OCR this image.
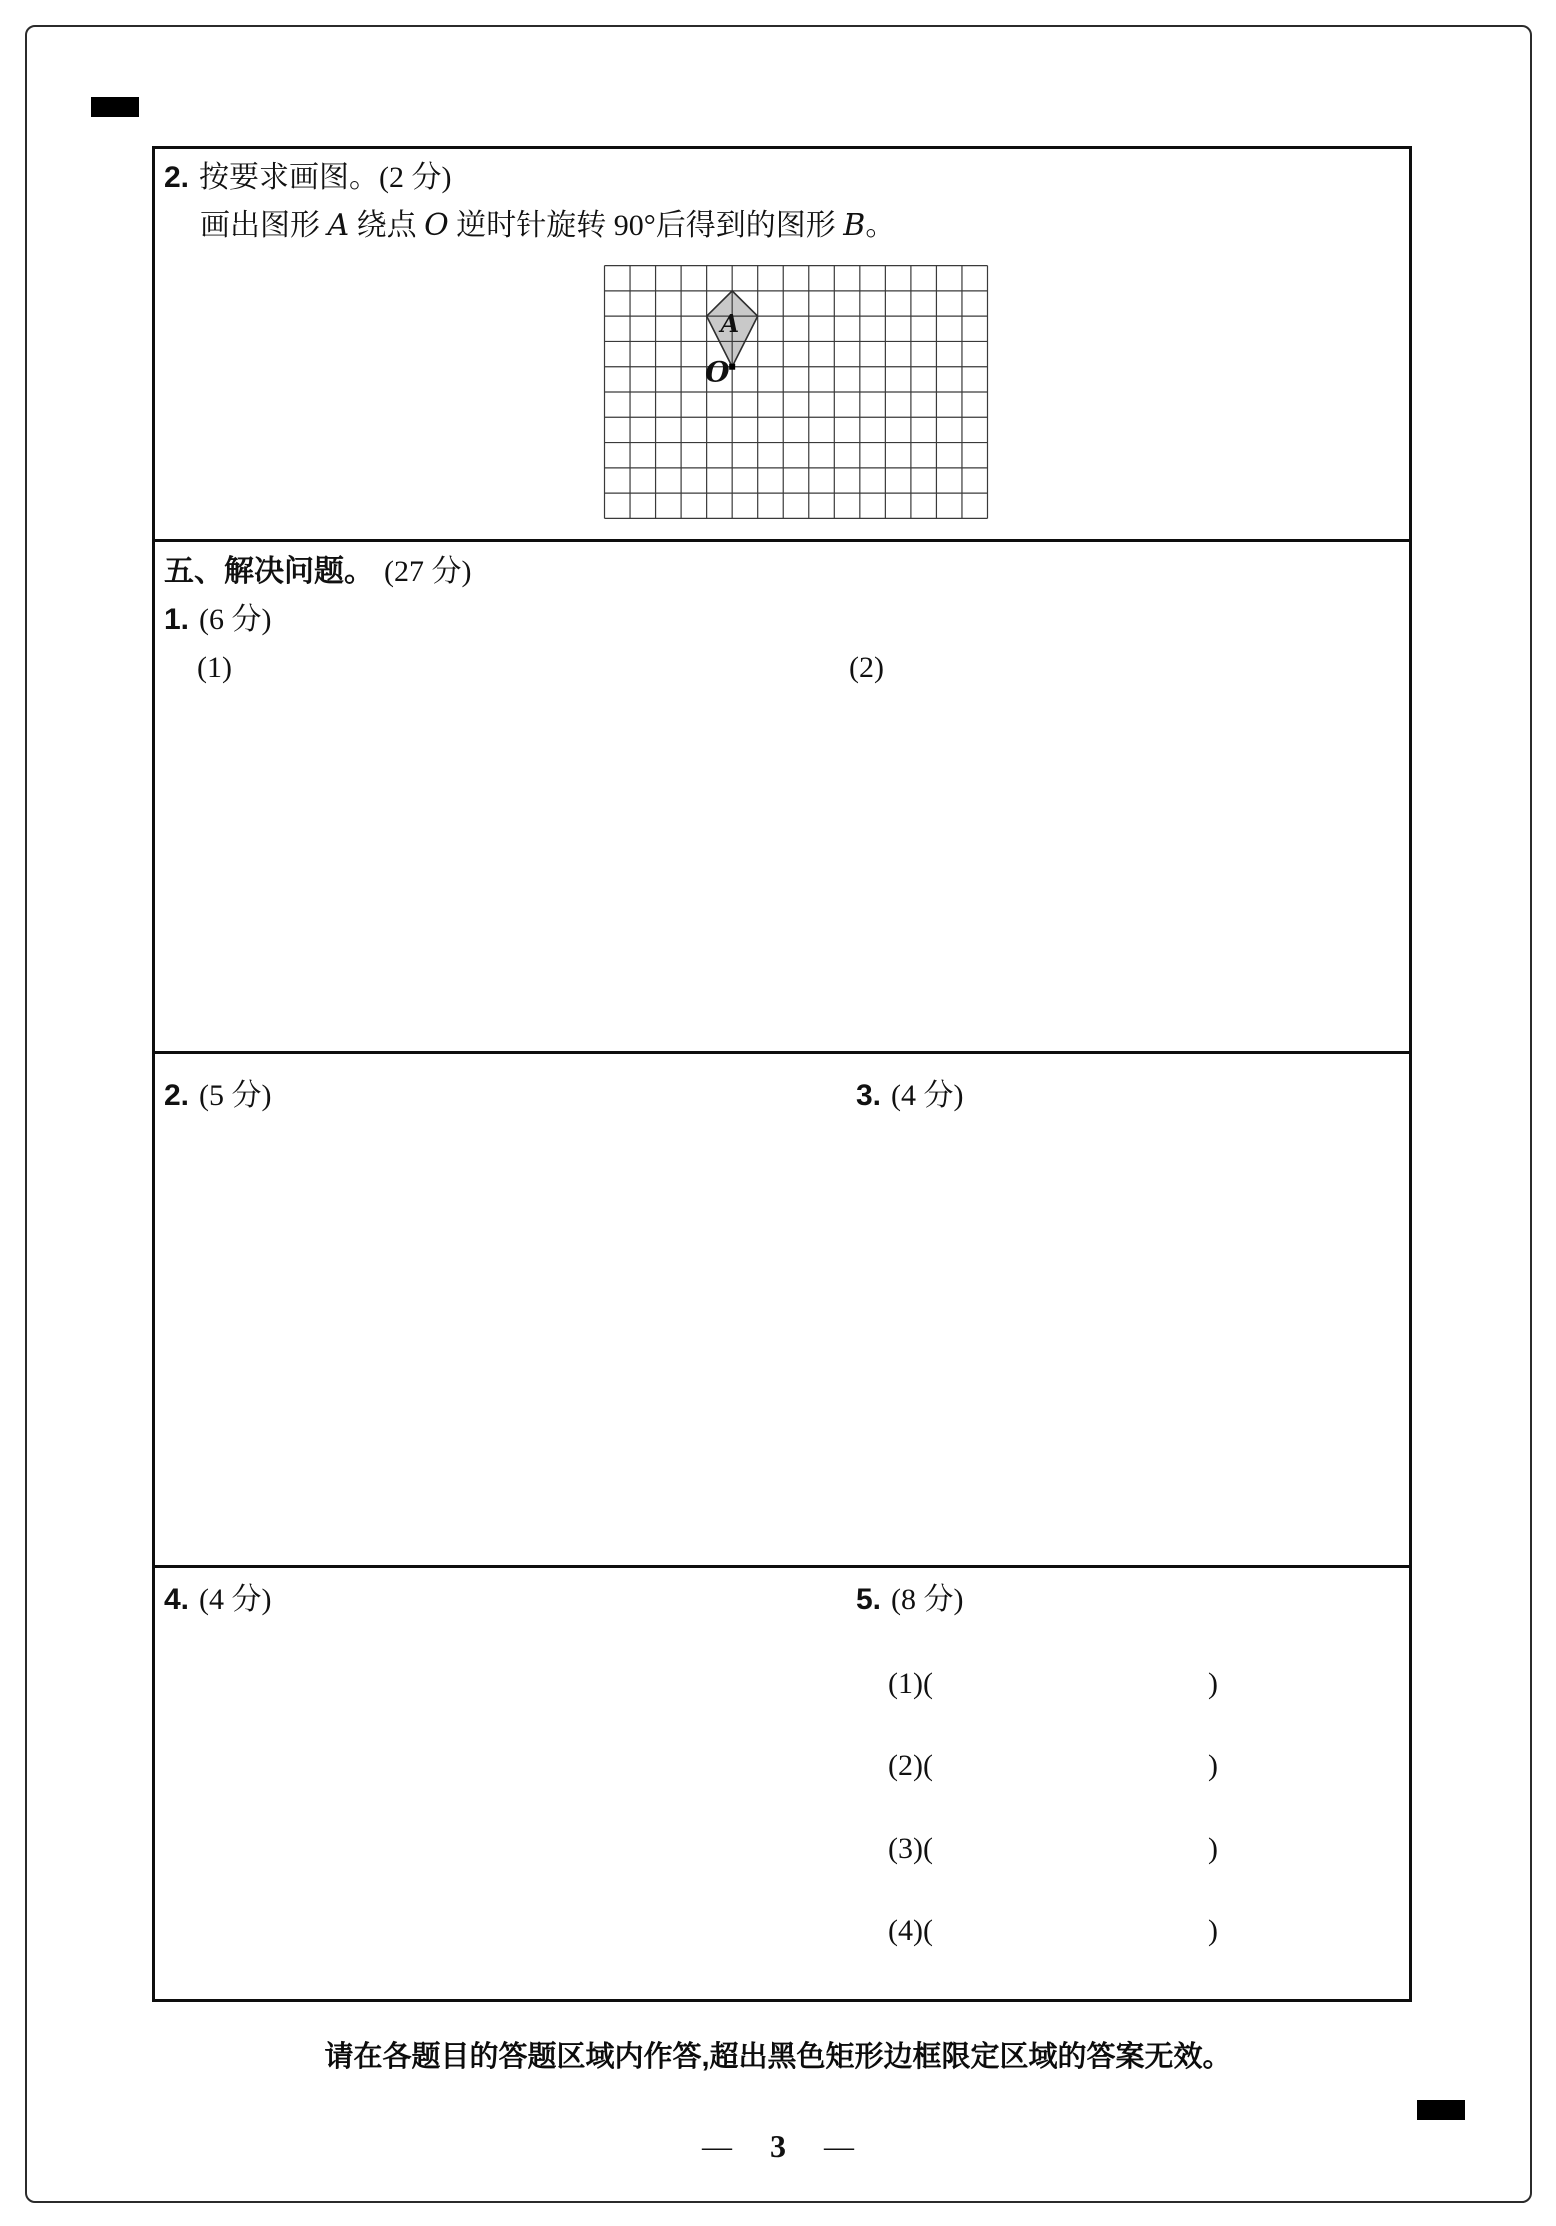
2. 按要求画图。(2 分)
画出图形 A 绕点 O 逆时针旋转 90°后得到的图形 B。
A
O
五、解决问题。 (27 分)
1. (6 分)
(1)	(2)
2. (5 分)	3. (4 分)
4. (4 分)	5. (8 分)
(1)(	)
(2)(	)
(3)(	)
(4)(	)
请在各题目的答题区域内作答,超出黑色矩形边框限定区域的答案无效。
— 3 —
